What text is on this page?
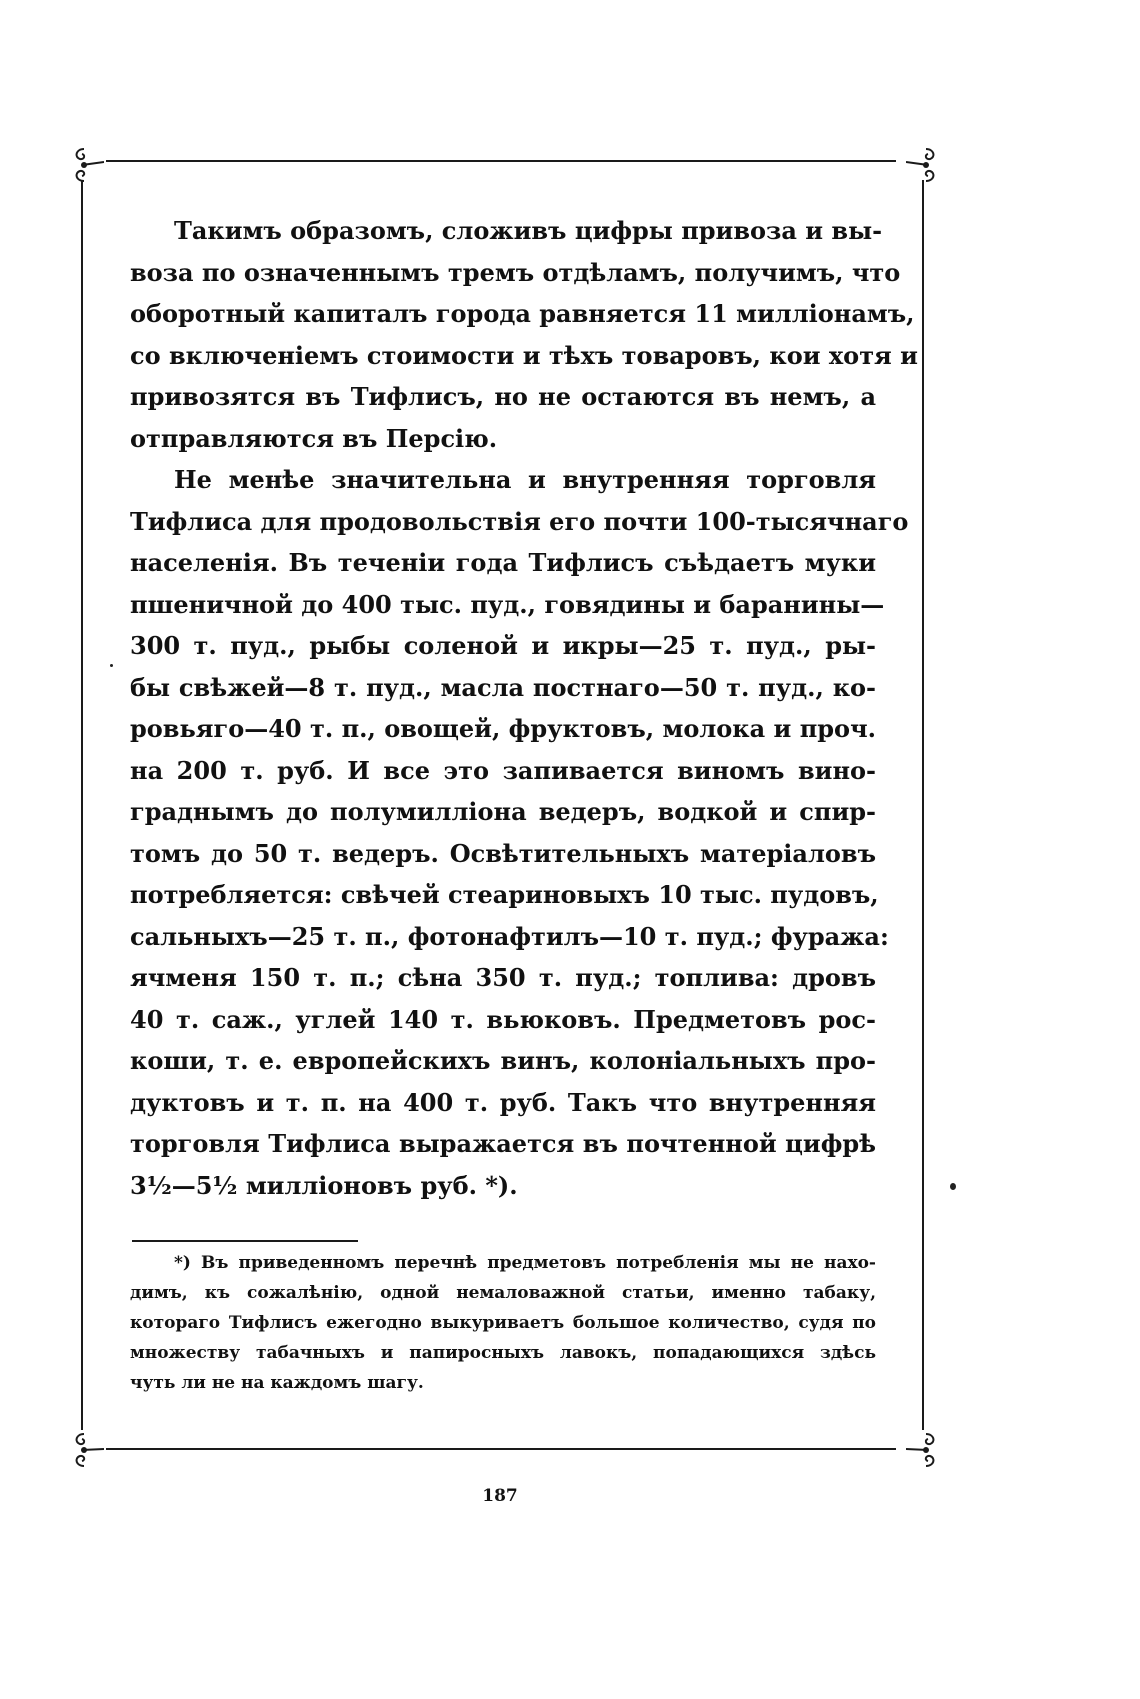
Такимъ образомъ, сложивъ цифры привоза и вы-
воза по означеннымъ тремъ отдѣламъ, получимъ, что
оборотный капиталъ города равняется 11 милліонамъ,
со включеніемъ стоимости и тѣхъ товаровъ, кои хотя и
привозятся въ Тифлисъ, но не остаются въ немъ, а
отправляются въ Персію.
Не менѣе значительна и внутренняя торговля
Тифлиса для продовольствія его почти 100-тысячнаго
населенія. Въ теченіи года Тифлисъ съѣдаетъ муки
пшеничной до 400 тыс. пуд., говядины и баранины—
300 т. пуд., рыбы соленой и икры—25 т. пуд., ры-
бы свѣжей—8 т. пуд., масла постнаго—50 т. пуд., ко-
ровьяго—40 т. п., овощей, фруктовъ, молока и проч.
на 200 т. руб. И все это запивается виномъ вино-
граднымъ до полумилліона ведеръ, водкой и спир-
томъ до 50 т. ведеръ. Освѣтительныхъ матеріаловъ
потребляется: свѣчей стеариновыхъ 10 тыс. пудовъ,
сальныхъ—25 т. п., фотонафтилъ—10 т. пуд.; фуража:
ячменя 150 т. п.; сѣна 350 т. пуд.; топлива: дровъ
40 т. саж., углей 140 т. вьюковъ. Предметовъ рос-
коши, т. е. европейскихъ винъ, колоніальныхъ про-
дуктовъ и т. п. на 400 т. руб. Такъ что внутренняя
торговля Тифлиса выражается въ почтенной цифрѣ
3½—5½ милліоновъ руб. *).
*) Въ приведенномъ перечнѣ предметовъ потребленія мы не нахо-
димъ, къ сожалѣнію, одной немаловажной статьи, именно табаку,
котораго Тифлисъ ежегодно выкуриваетъ большое количество, судя по
множеству табачныхъ и папиросныхъ лавокъ, попадающихся здѣсь
чуть ли не на каждомъ шагу.
187
